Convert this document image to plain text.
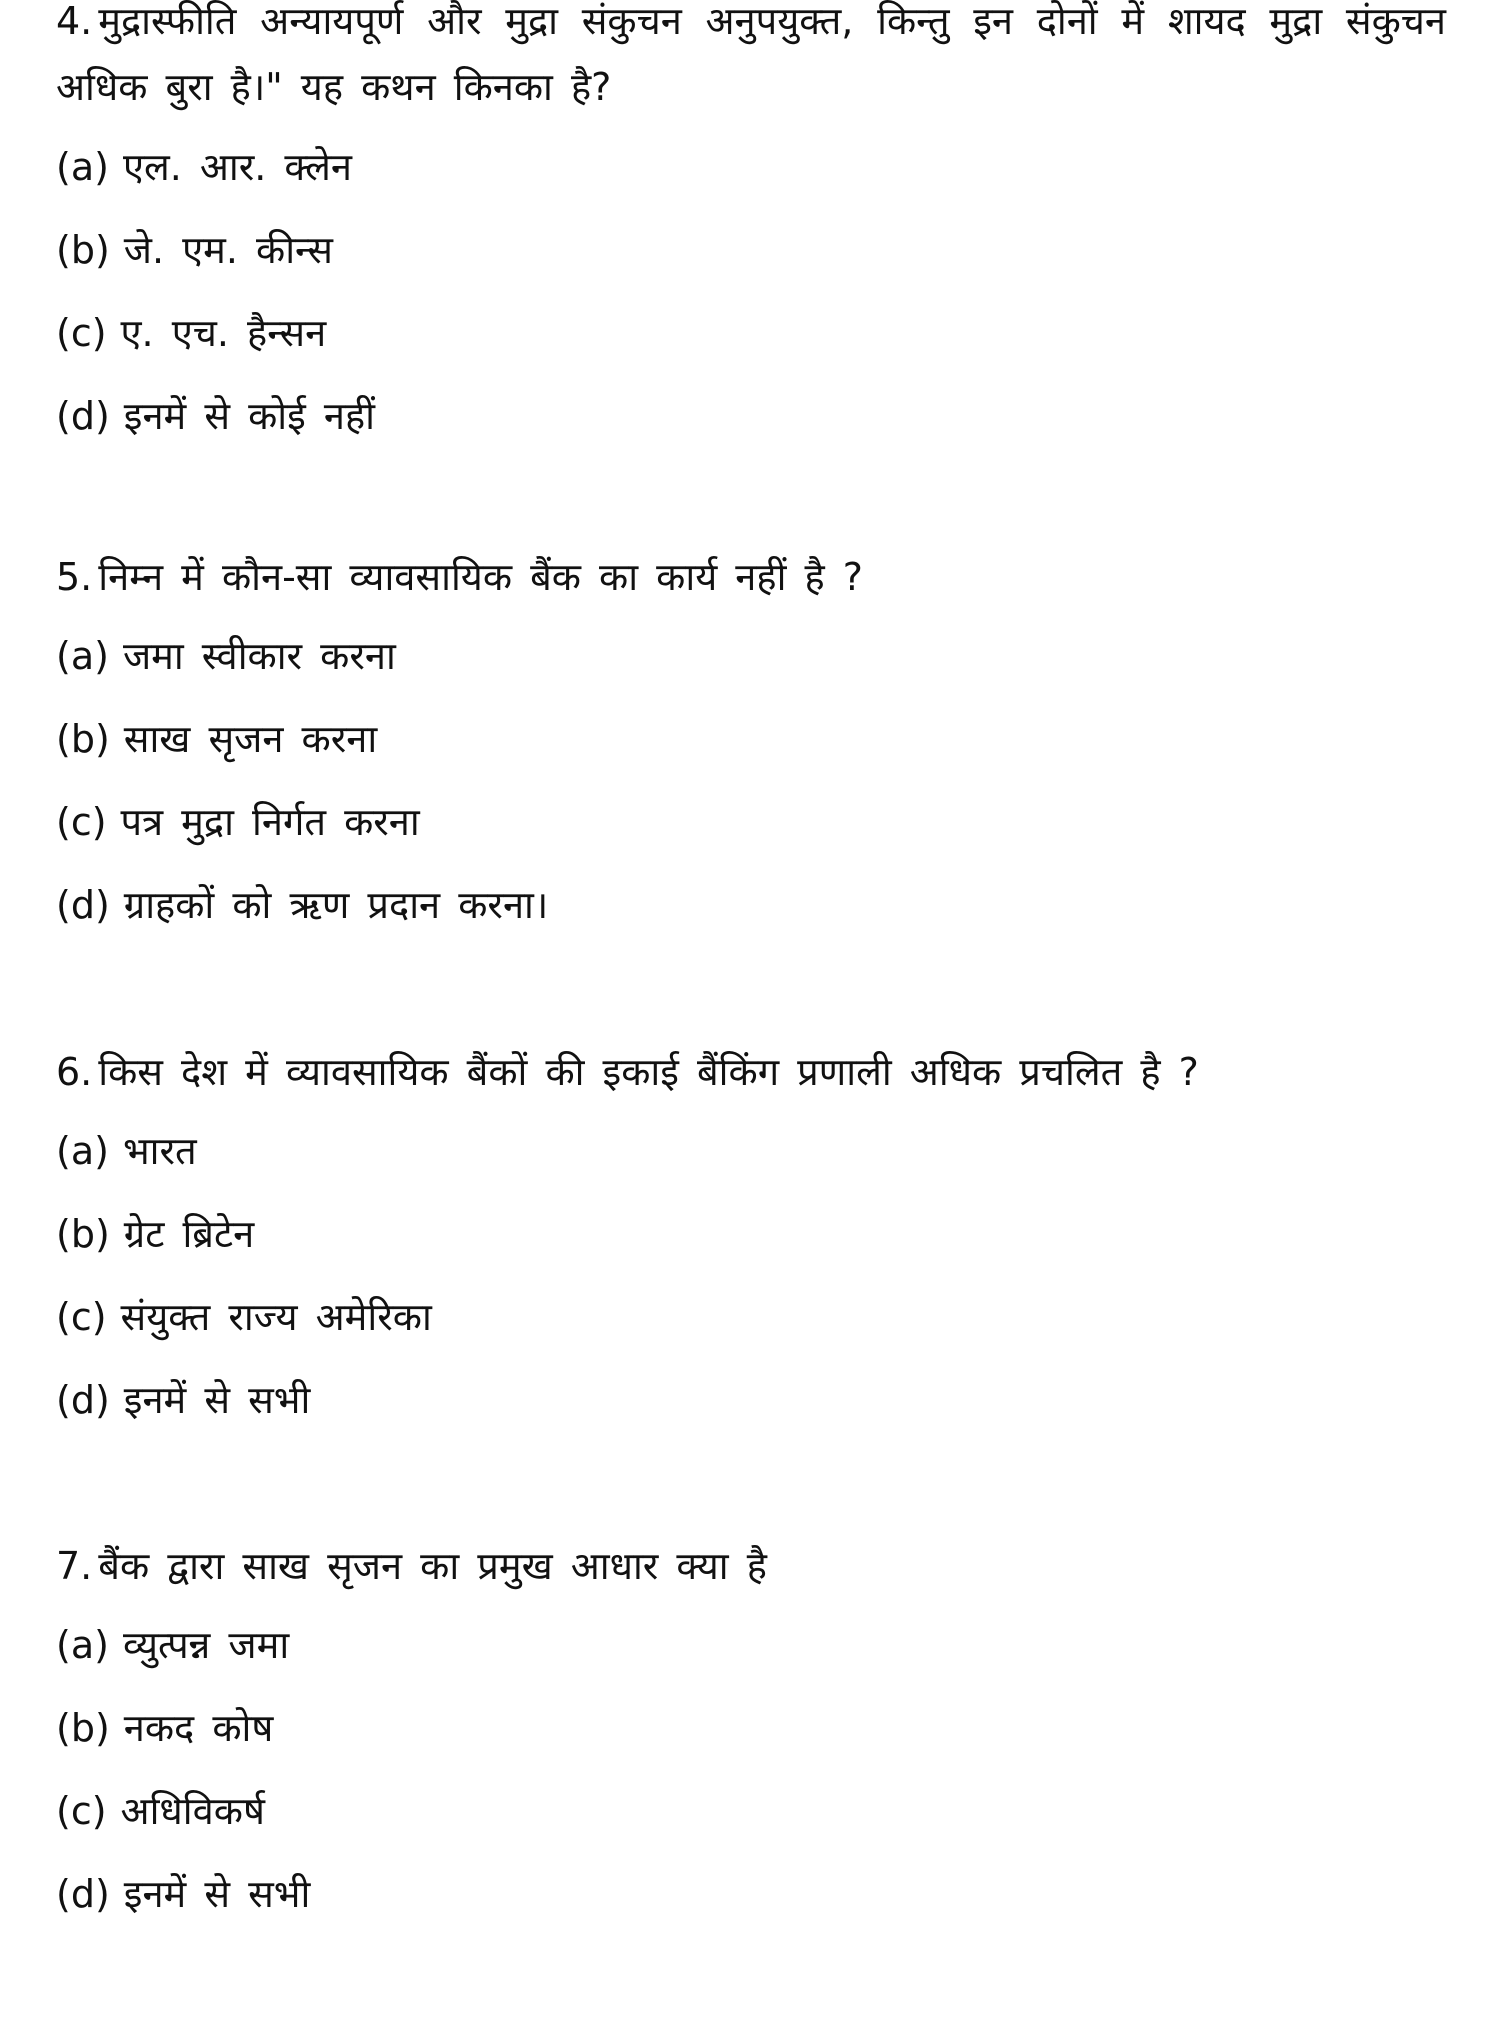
4. मुद्रास्फीति अन्यायपूर्ण और मुद्रा संकुचन अनुपयुक्त, किन्तु इन दोनों में शायद मुद्रा संकुचन अधिक बुरा है।" यह कथन किनका है?

(a) एल. आर. क्लेन
(b) जे. एम. कीन्स
(c) ए. एच. हैन्सन
(d) इनमें से कोई नहीं

5. निम्न में कौन-सा व्यावसायिक बैंक का कार्य नहीं है ?

(a) जमा स्वीकार करना
(b) साख सृजन करना
(c) पत्र मुद्रा निर्गत करना
(d) ग्राहकों को ऋण प्रदान करना।

6. किस देश में व्यावसायिक बैंकों की इकाई बैंकिंग प्रणाली अधिक प्रचलित है ?

(a) भारत
(b) ग्रेट ब्रिटेन
(c) संयुक्त राज्य अमेरिका
(d) इनमें से सभी

7. बैंक द्वारा साख सृजन का प्रमुख आधार क्या है

(a) व्युत्पन्न जमा
(b) नकद कोष
(c) अधिविकर्ष
(d) इनमें से सभी
